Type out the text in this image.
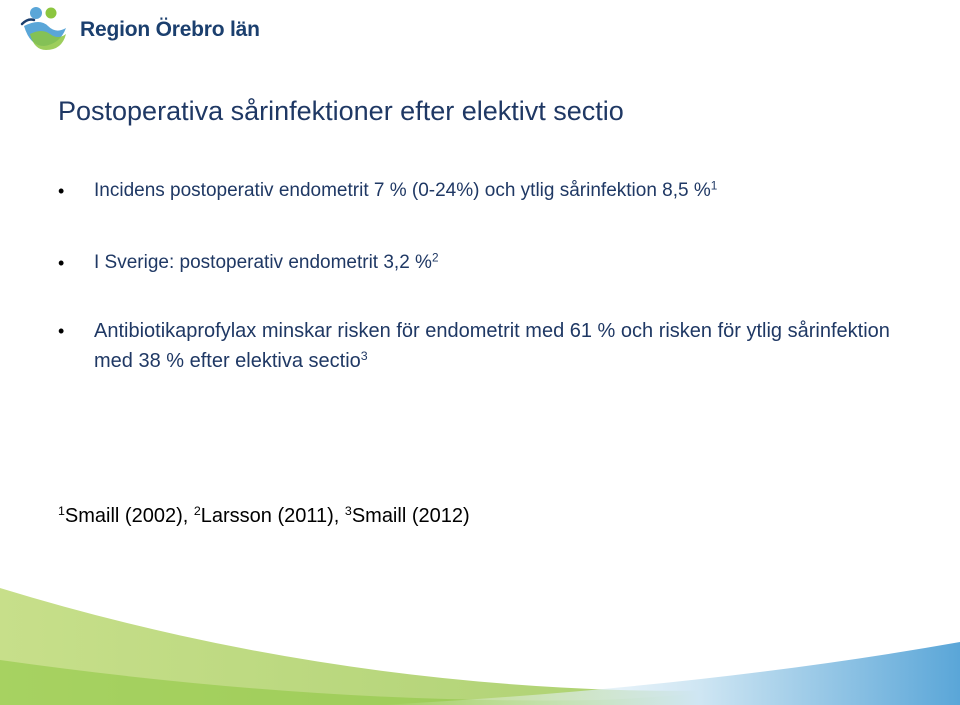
Region Örebro län
Postoperativa sårinfektioner efter elektivt sectio
•	Incidens postoperativ endometrit 7 % (0-24%) och ytlig sårinfektion 8,5 %$^1$
•	I Sverige: postoperativ endometrit 3,2 %$^2$
•	Antibiotikaprofylax minskar risken för endometrit med 61 % och risken för ytlig sårinfektion med 38 % efter elektiva sectio$^3$
$^1$Smaill (2002), $^2$Larsson (2011), $^3$Smaill (2012)
